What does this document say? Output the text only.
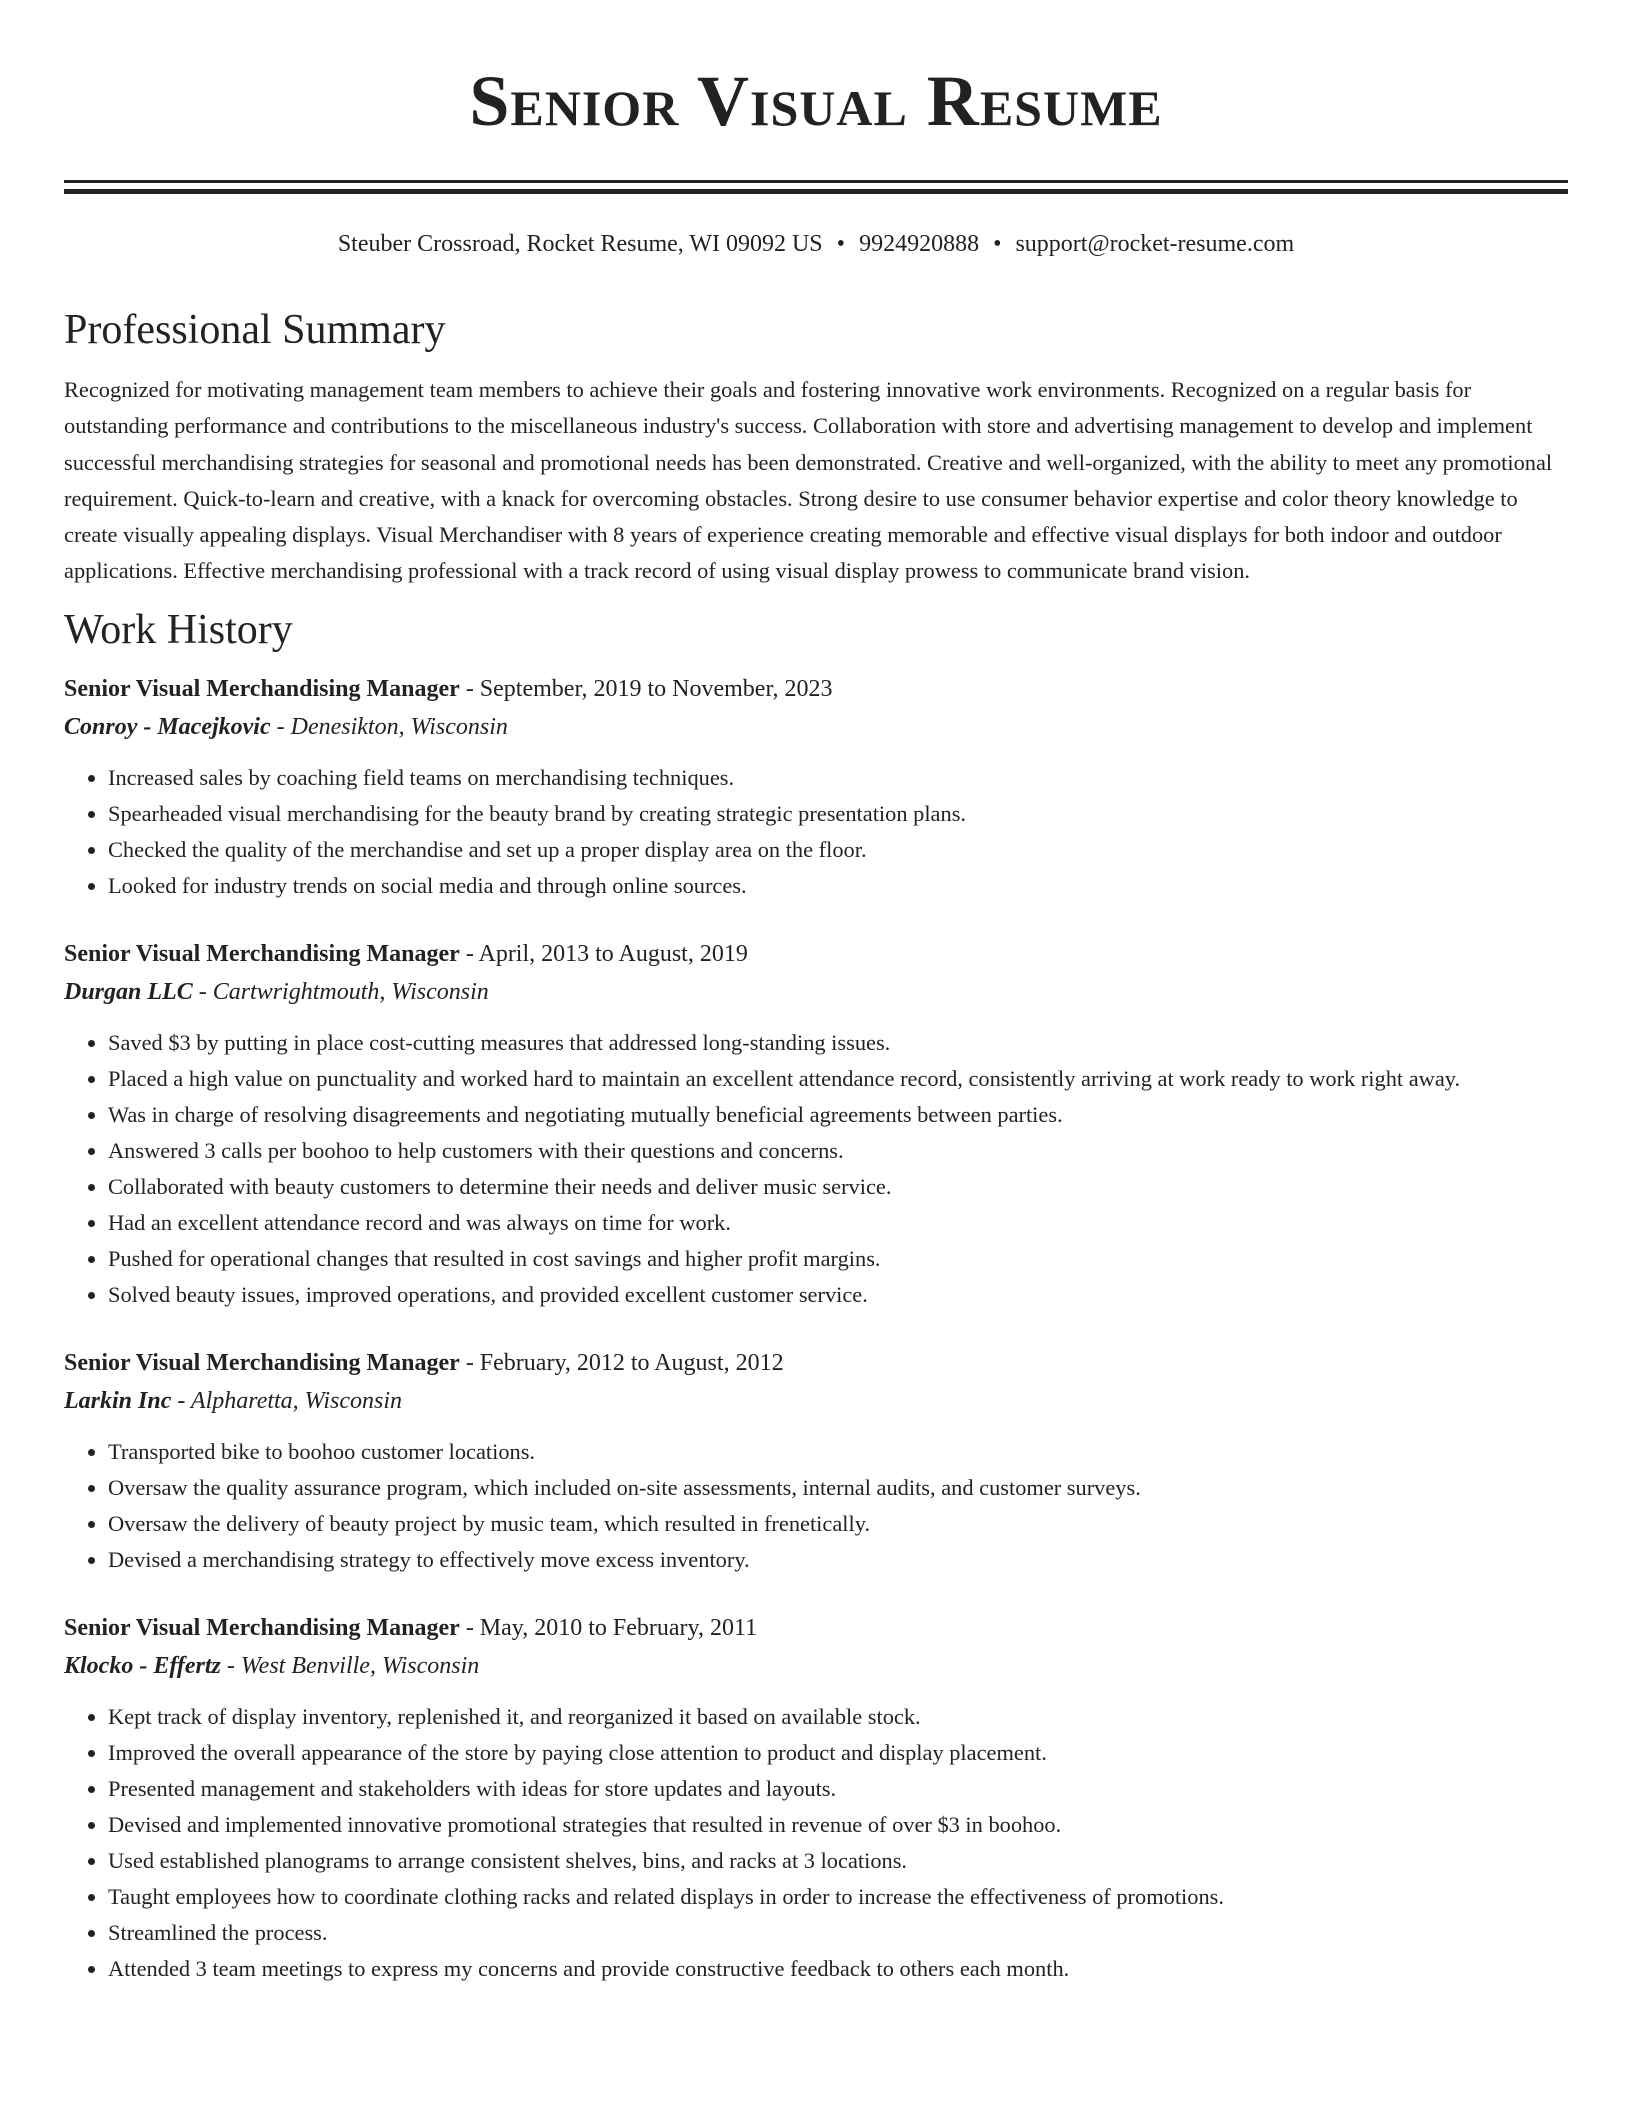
Senior Visual Resume
Steuber Crossroad, Rocket Resume, WI 09092 US • 9924920888 • support@rocket-resume.com
Professional Summary

Recognized for motivating management team members to achieve their goals and fostering innovative work environments. Recognized on a regular basis for outstanding performance and contributions to the miscellaneous industry's success. Collaboration with store and advertising management to develop and implement successful merchandising strategies for seasonal and promotional needs has been demonstrated. Creative and well-organized, with the ability to meet any promotional requirement. Quick-to-learn and creative, with a knack for overcoming obstacles. Strong desire to use consumer behavior expertise and color theory knowledge to create visually appealing displays. Visual Merchandiser with 8 years of experience creating memorable and effective visual displays for both indoor and outdoor applications. Effective merchandising professional with a track record of using visual display prowess to communicate brand vision.

Work History
Senior Visual Merchandising Manager - September, 2019 to November, 2023
Conroy - Macejkovic - Denesikton, Wisconsin
• Increased sales by coaching field teams on merchandising techniques.
• Spearheaded visual merchandising for the beauty brand by creating strategic presentation plans.
• Checked the quality of the merchandise and set up a proper display area on the floor.
• Looked for industry trends on social media and through online sources.
Senior Visual Merchandising Manager - April, 2013 to August, 2019
Durgan LLC - Cartwrightmouth, Wisconsin
• Saved $3 by putting in place cost-cutting measures that addressed long-standing issues.
• Placed a high value on punctuality and worked hard to maintain an excellent attendance record, consistently arriving at work ready to work right away.
• Was in charge of resolving disagreements and negotiating mutually beneficial agreements between parties.
• Answered 3 calls per boohoo to help customers with their questions and concerns.
• Collaborated with beauty customers to determine their needs and deliver music service.
• Had an excellent attendance record and was always on time for work.
• Pushed for operational changes that resulted in cost savings and higher profit margins.
• Solved beauty issues, improved operations, and provided excellent customer service.
Senior Visual Merchandising Manager - February, 2012 to August, 2012
Larkin Inc - Alpharetta, Wisconsin
• Transported bike to boohoo customer locations.
• Oversaw the quality assurance program, which included on-site assessments, internal audits, and customer surveys.
• Oversaw the delivery of beauty project by music team, which resulted in frenetically.
• Devised a merchandising strategy to effectively move excess inventory.
Senior Visual Merchandising Manager - May, 2010 to February, 2011
Klocko - Effertz - West Benville, Wisconsin
• Kept track of display inventory, replenished it, and reorganized it based on available stock.
• Improved the overall appearance of the store by paying close attention to product and display placement.
• Presented management and stakeholders with ideas for store updates and layouts.
• Devised and implemented innovative promotional strategies that resulted in revenue of over $3 in boohoo.
• Used established planograms to arrange consistent shelves, bins, and racks at 3 locations.
• Taught employees how to coordinate clothing racks and related displays in order to increase the effectiveness of promotions.
• Streamlined the process.
• Attended 3 team meetings to express my concerns and provide constructive feedback to others each month.
